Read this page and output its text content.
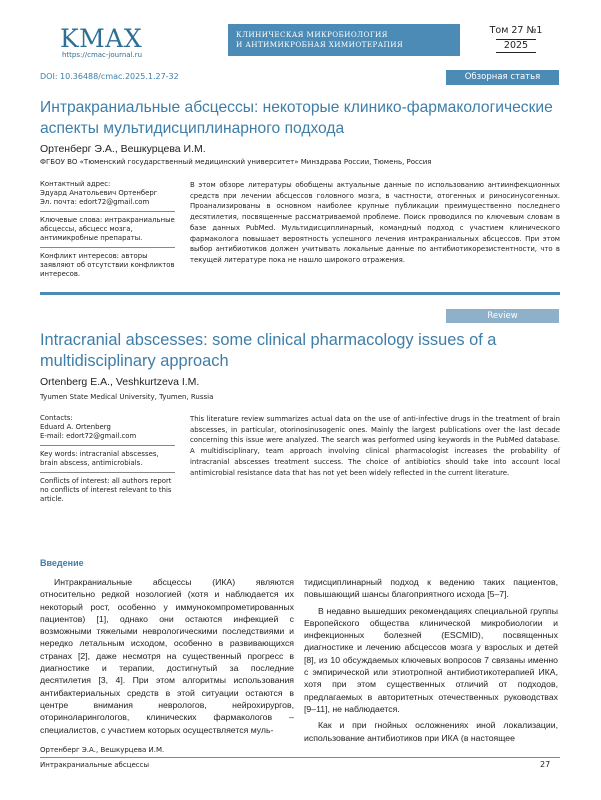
KMAX
https://cmac-journal.ru
КЛИНИЧЕСКАЯ МИКРОБИОЛОГИЯ
И АНТИМИКРОБНАЯ ХИМИОТЕРАПИЯ
Том 27 №1
2025
DOI: 10.36488/cmac.2025.1.27-32	Обзорная статья
Интракраниальные абсцессы: некоторые клинико-фармакологические аспекты мультидисциплинарного подхода
Ортенберг Э.А., Вешкурцева И.М.
ФГБОУ ВО «Тюменский государственный медицинский университет» Минздрава России, Тюмень, Россия
Контактный адрес:
Эдуард Анатольевич Ортенберг
Эл. почта: edort72@gmail.com
Ключевые слова: интракраниальные абсцессы, абсцесс мозга, антимикробные препараты.
Конфликт интересов: авторы заявляют об отсутствии конфликтов интересов.
В этом обзоре литературы обобщены актуальные данные по использованию антиинфекционных средств при лечении абсцессов головного мозга, в частности, отогенных и риносинусогенных. Проанализированы в основном наиболее крупные публикации преимущественно последнего десятилетия, посвященные рассматриваемой проблеме. Поиск проводился по ключевым словам в базе данных PubMed. Мультидисциплинарный, командный подход с участием клинического фармаколога повышает вероятность успешного лечения интракраниальных абсцессов. При этом выбор антибиотиков должен учитывать локальные данные по антибиотикорезистентности, что в текущей литературе пока не нашло широкого отражения.
Review
Intracranial abscesses: some clinical pharmacology issues of a multidisciplinary approach
Ortenberg E.A., Veshkurtzeva I.M.
Tyumen State Medical University, Tyumen, Russia
Contacts:
Eduard A. Ortenberg
E-mail: edort72@gmail.com
Key words: intracranial abscesses, brain abscess, antimicrobials.
Conflicts of interest: all authors report no conflicts of interest relevant to this article.
This literature review summarizes actual data on the use of anti-infective drugs in the treatment of brain abscesses, in particular, otorinosinusogenic ones. Mainly the largest publications over the last decade concerning this issue were analyzed. The search was performed using keywords in the PubMed database. A multidisciplinary, team approach involving clinical pharmacologist increases the probability of intracranial abscesses treatment success. The choice of antibiotics should take into account local antimicrobial resistance data that has not yet been widely reflected in the current literature.
Введение

Интракраниальные абсцессы (ИКА) являются относительно редкой нозологией (хотя и наблюдается их некоторый рост, особенно у иммунокомпрометированных пациентов) [1], однако они остаются инфекцией с возможными тяжелыми неврологическими последствиями и нередко летальным исходом, особенно в развивающихся странах [2], даже несмотря на существенный прогресс в диагностике и терапии, достигнутый за последние десятилетия [3, 4]. При этом алгоритмы использования антибактериальных средств в этой ситуации остаются в центре внимания неврологов, нейрохирургов, оториноларингологов, клинических фармакологов – специалистов, с участием которых осуществляется муль-

тидисциплинарный подход к ведению таких пациентов, повышающий шансы благоприятного исхода [5–7].

В недавно вышедших рекомендациях специальной группы Европейского общества клинической микробиологии и инфекционных болезней (ESCMID), посвященных диагностике и лечению абсцессов мозга у взрослых и детей [8], из 10 обсуждаемых ключевых вопросов 7 связаны именно с эмпирической или этиотропной антибиотикотерапией ИКА, хотя при этом существенных отличий от подходов, предлагаемых в авторитетных отечественных руководствах [9–11], не наблюдается.

Как и при гнойных осложнениях иной локализации, использование антибиотиков при ИКА (в настоящее

Ортенберг Э.А., Вешкурцева И.М.
Интракраниальные абсцессы	27
